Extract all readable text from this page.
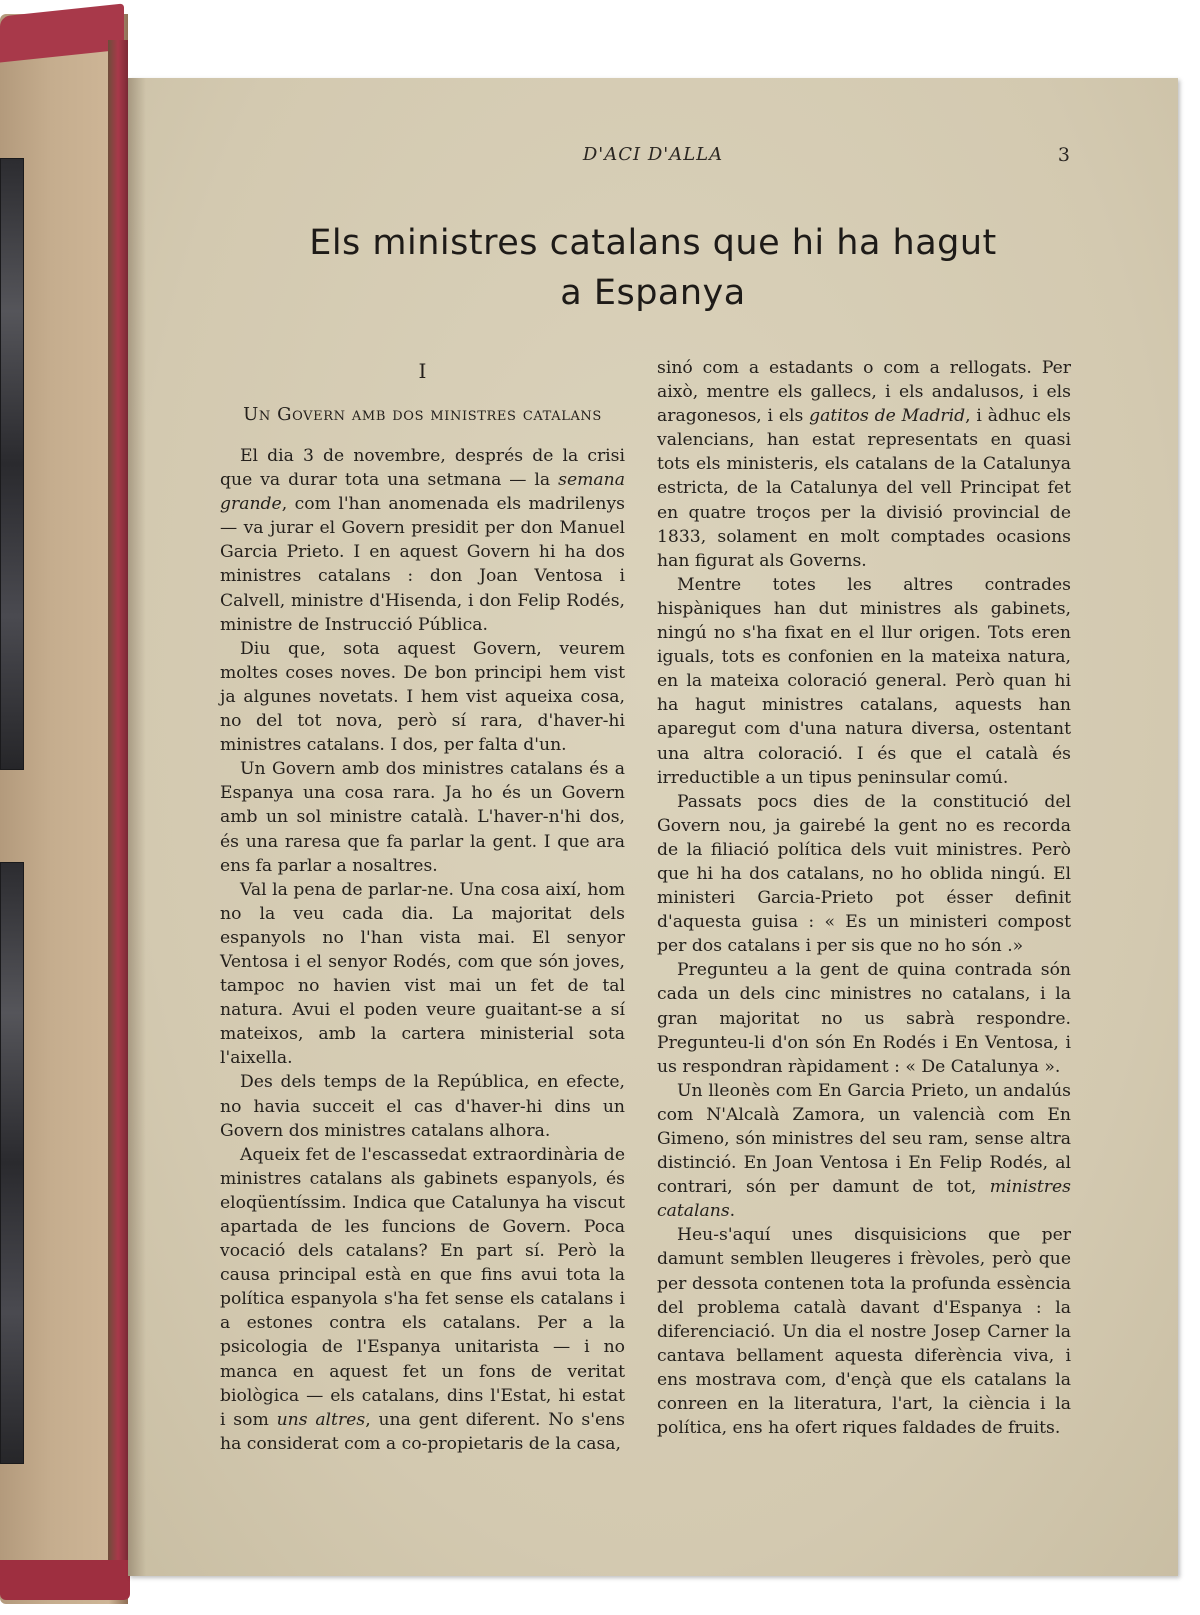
D'ACI D'ALLA	3
Els ministres catalans que hi ha hagut
a Espanya
I
Un Govern amb dos ministres catalans

El dia 3 de novembre, després de la crisi que va durar tota una setmana — la semana grande, com l'han anomenada els madrilenys — va jurar el Govern presidit per don Manuel Garcia Prieto. I en aquest Govern hi ha dos ministres catalans : don Joan Ventosa i Calvell, ministre d'Hisenda, i don Felip Rodés, ministre de Instrucció Pública.

Diu que, sota aquest Govern, veurem moltes coses noves. De bon principi hem vist ja algunes novetats. I hem vist aqueixa cosa, no del tot nova, però sí rara, d'haver-hi ministres catalans. I dos, per falta d'un.

Un Govern amb dos ministres catalans és a Espanya una cosa rara. Ja ho és un Govern amb un sol ministre català. L'haver-n'hi dos, és una raresa que fa parlar la gent. I que ara ens fa parlar a nosaltres.

Val la pena de parlar-ne. Una cosa així, hom no la veu cada dia. La majoritat dels espanyols no l'han vista mai. El senyor Ventosa i el senyor Rodés, com que són joves, tampoc no havien vist mai un fet de tal natura. Avui el poden veure guaitant-se a sí mateixos, amb la cartera ministerial sota l'aixella.

Des dels temps de la República, en efecte, no havia succeit el cas d'haver-hi dins un Govern dos ministres catalans alhora.

Aqueix fet de l'escassedat extraordinària de ministres catalans als gabinets espanyols, és eloqüentíssim. Indica que Catalunya ha viscut apartada de les funcions de Govern. Poca vocació dels catalans? En part sí. Però la causa principal està en que fins avui tota la política espanyola s'ha fet sense els catalans i a estones contra els catalans. Per a la psicologia de l'Espanya unitarista — i no manca en aquest fet un fons de veritat biològica — els catalans, dins l'Estat, hi estat i som uns altres, una gent diferent. No s'ens ha considerat com a co-propietaris de la casa,

sinó com a estadants o com a rellogats. Per això, mentre els gallecs, i els andalusos, i els aragonesos, i els gatitos de Madrid, i àdhuc els valencians, han estat representats en quasi tots els ministeris, els catalans de la Catalunya estricta, de la Catalunya del vell Principat fet en quatre troços per la divisió provincial de 1833, solament en molt comptades ocasions han figurat als Governs.

Mentre totes les altres contrades hispàniques han dut ministres als gabinets, ningú no s'ha fixat en el llur origen. Tots eren iguals, tots es confonien en la mateixa natura, en la mateixa coloració general. Però quan hi ha hagut ministres catalans, aquests han aparegut com d'una natura diversa, ostentant una altra coloració. I és que el català és irreductible a un tipus peninsular comú.

Passats pocs dies de la constitució del Govern nou, ja gairebé la gent no es recorda de la filiació política dels vuit ministres. Però que hi ha dos catalans, no ho oblida ningú. El ministeri Garcia-Prieto pot ésser definit d'aquesta guisa : « Es un ministeri compost per dos catalans i per sis que no ho són .»

Pregunteu a la gent de quina contrada són cada un dels cinc ministres no catalans, i la gran majoritat no us sabrà respondre. Pregunteu-li d'on són En Rodés i En Ventosa, i us respondran ràpidament : « De Catalunya ».

Un lleonès com En Garcia Prieto, un andalús com N'Alcalà Zamora, un valencià com En Gimeno, són ministres del seu ram, sense altra distinció. En Joan Ventosa i En Felip Rodés, al contrari, són per damunt de tot, ministres catalans.

Heu-s'aquí unes disquisicions que per damunt semblen lleugeres i frèvoles, però que per dessota contenen tota la profunda essència del problema català davant d'Espanya : la diferenciació. Un dia el nostre Josep Carner la cantava bellament aquesta diferència viva, i ens mostrava com, d'ençà que els catalans la conreen en la literatura, l'art, la ciència i la política, ens ha ofert riques faldades de fruits.
